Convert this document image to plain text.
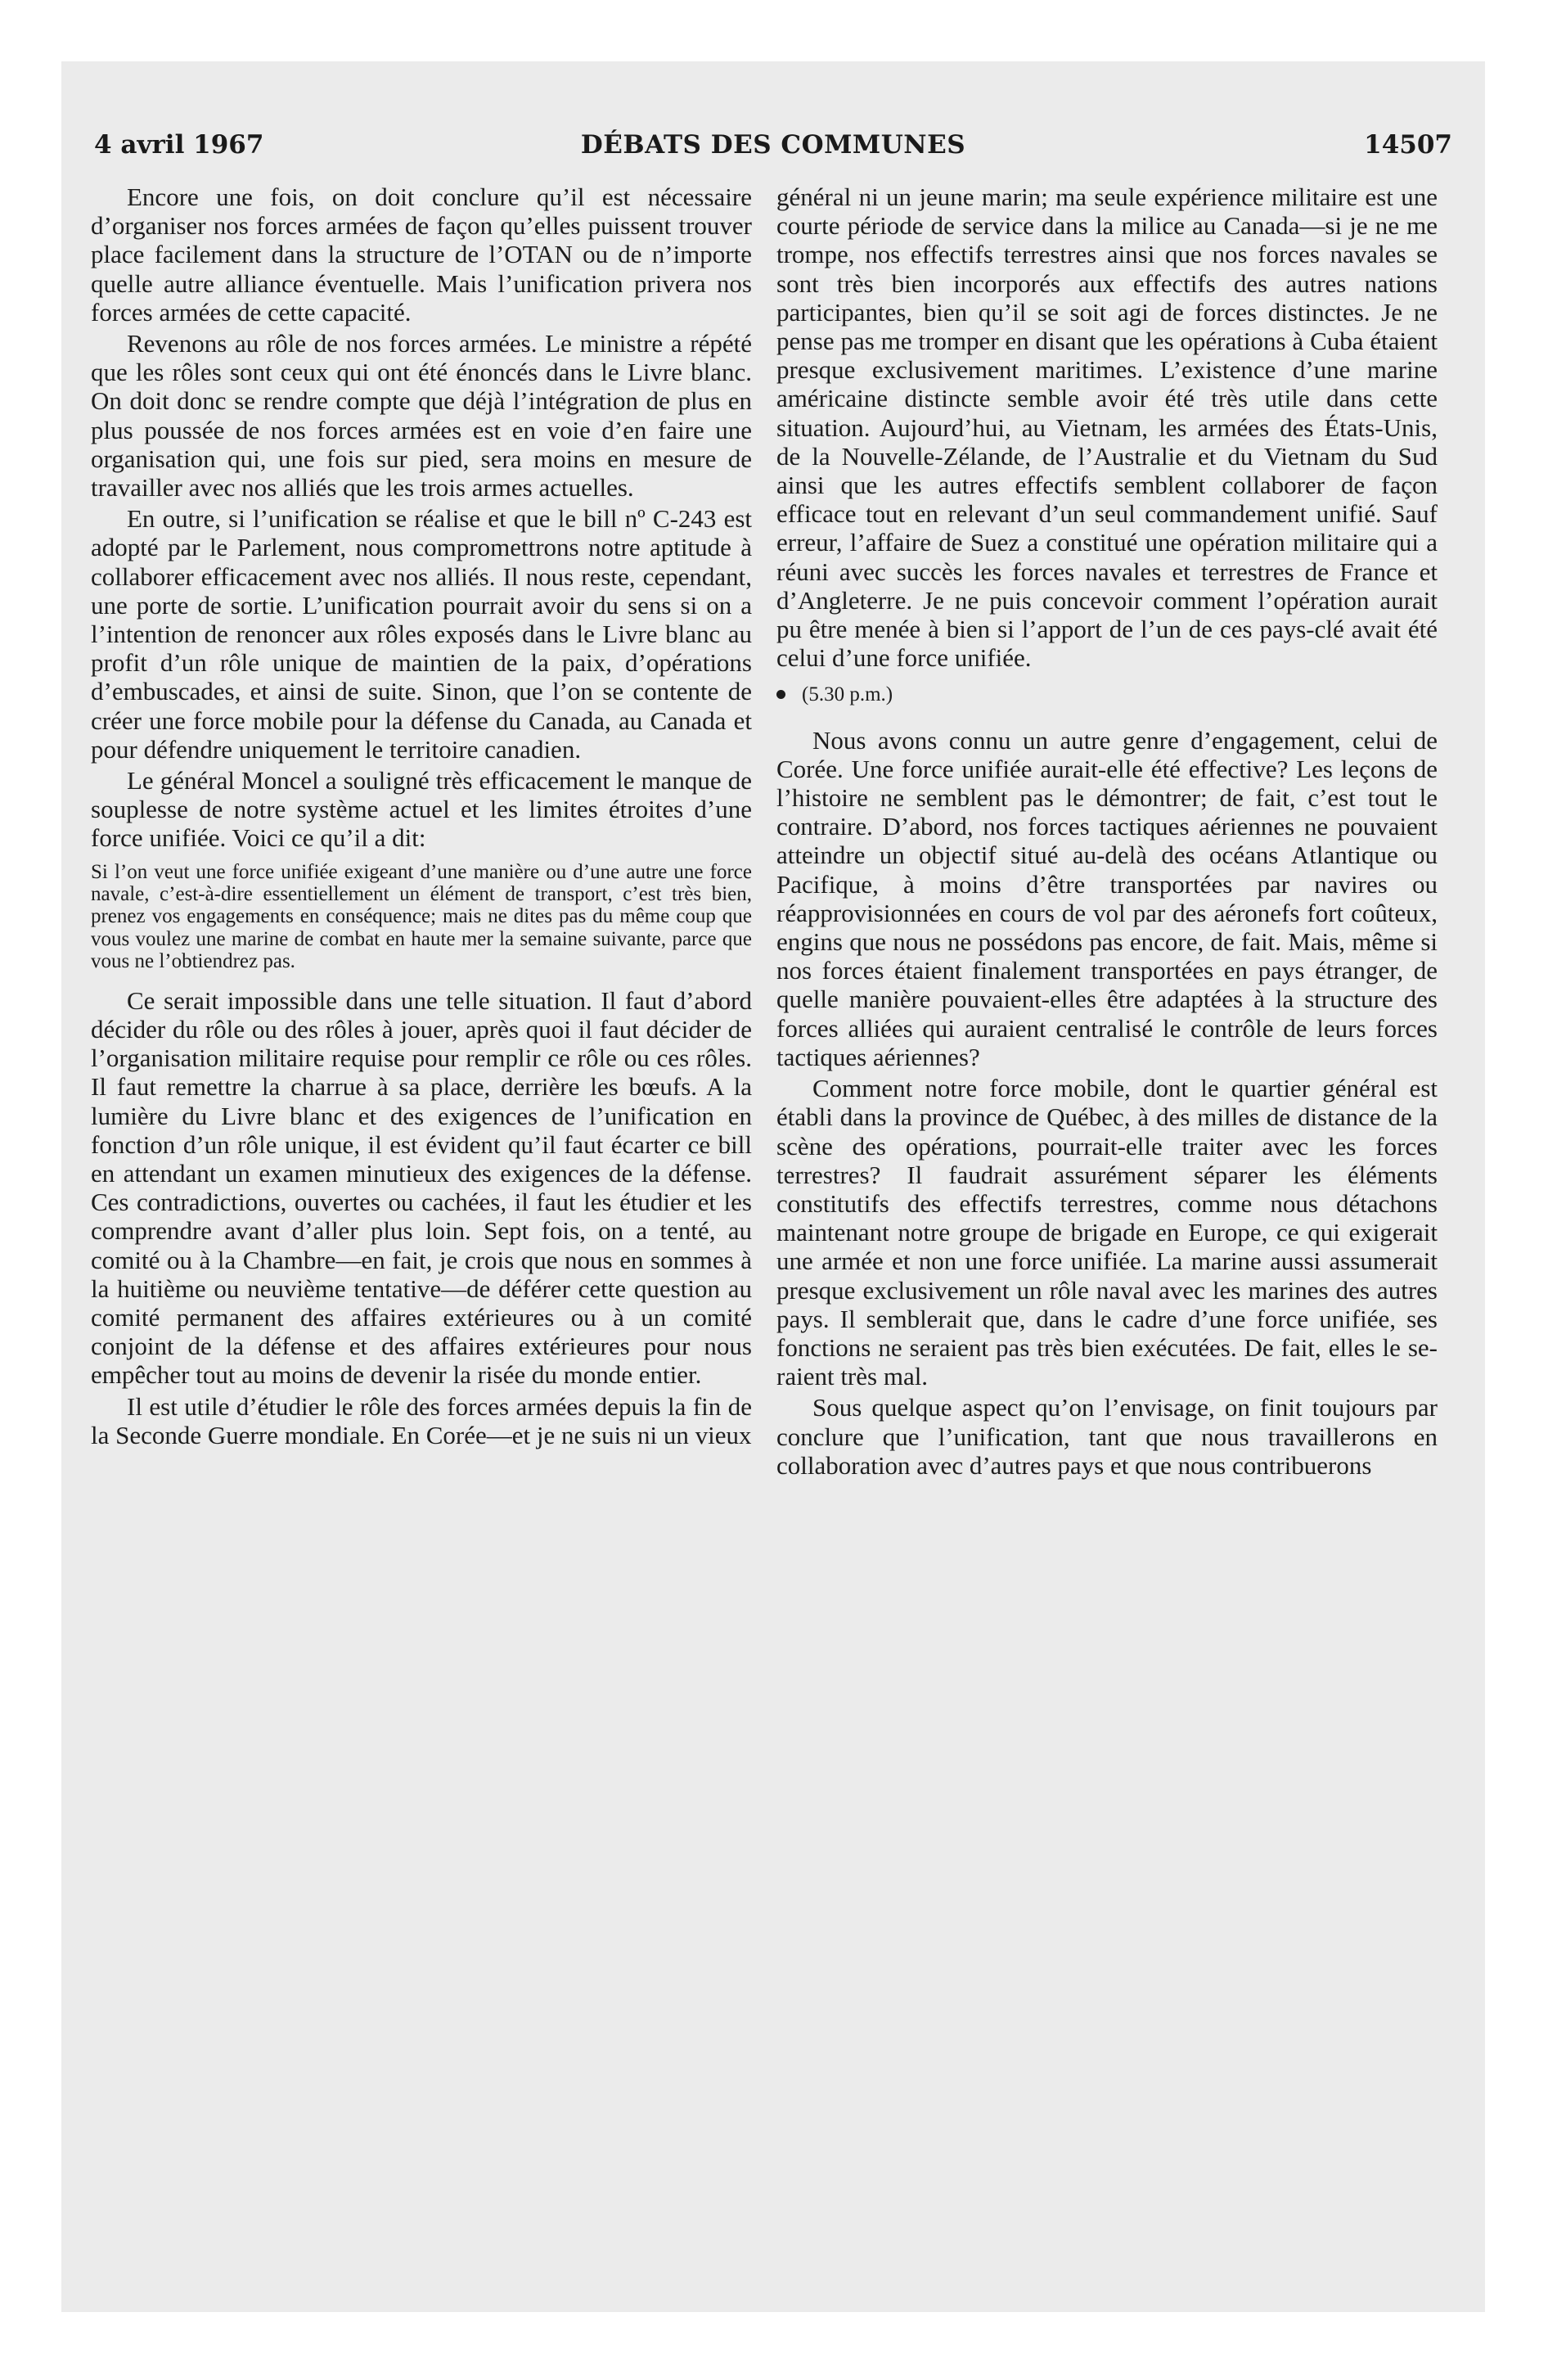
4 avril 1967	DÉBATS DES COMMUNES	14507

Encore une fois, on doit conclure qu’il est nécessaire d’organiser nos forces armées de façon qu’elles puissent trouver place facilement dans la structure de l’OTAN ou de n’importe quelle autre alliance éventuelle. Mais l’unification privera nos forces armées de cette capacité.

Revenons au rôle de nos forces armées. Le ministre a répété que les rôles sont ceux qui ont été énoncés dans le Livre blanc. On doit donc se rendre compte que déjà l’intégration de plus en plus poussée de nos forces armées est en voie d’en faire une organisation qui, une fois sur pied, sera moins en mesure de travailler avec nos alliés que les trois armes actuelles.

En outre, si l’unification se réalise et que le bill nº C-243 est adopté par le Parlement, nous compromettrons notre aptitude à collaborer efficacement avec nos alliés. Il nous reste, cependant, une porte de sortie. L’unification pourrait avoir du sens si on a l’intention de renoncer aux rôles exposés dans le Livre blanc au profit d’un rôle unique de maintien de la paix, d’opérations d’embuscades, et ainsi de suite. Sinon, que l’on se contente de créer une force mobile pour la défense du Canada, au Canada et pour défendre uniquement le territoire canadien.

Le général Moncel a souligné très efficacement le manque de souplesse de notre système actuel et les limites étroites d’une force unifiée. Voici ce qu’il a dit:

Si l’on veut une force unifiée exigeant d’une manière ou d’une autre une force navale, c’est-à-dire essentiellement un élément de transport, c’est très bien, prenez vos engagements en conséquence; mais ne dites pas du même coup que vous voulez une marine de combat en haute mer la semaine suivante, parce que vous ne l’obtiendrez pas.

Ce serait impossible dans une telle situation. Il faut d’abord décider du rôle ou des rôles à jouer, après quoi il faut décider de l’organisation militaire requise pour remplir ce rôle ou ces rôles. Il faut remettre la charrue à sa place, derrière les bœufs. A la lumière du Livre blanc et des exigences de l’unification en fonction d’un rôle unique, il est évident qu’il faut écarter ce bill en attendant un examen minutieux des exigences de la défense. Ces contradictions, ouvertes ou cachées, il faut les étudier et les comprendre avant d’aller plus loin. Sept fois, on a tenté, au comité ou à la Chambre—en fait, je crois que nous en sommes à la huitième ou neuvième tentative—de déférer cette question au comité permanent des affaires extérieures ou à un comité conjoint de la défense et des affaires extérieures pour nous empêcher tout au moins de devenir la risée du monde entier.

Il est utile d’étudier le rôle des forces armées depuis la fin de la Seconde Guerre mondiale. En Corée—et je ne suis ni un vieux

général ni un jeune marin; ma seule expérience militaire est une courte période de service dans la milice au Canada—si je ne me trompe, nos effectifs terrestres ainsi que nos forces navales se sont très bien incorporés aux effectifs des autres nations participantes, bien qu’il se soit agi de forces distinctes. Je ne pense pas me tromper en disant que les opérations à Cuba étaient presque exclusivement maritimes. L’existence d’une marine américaine distincte semble avoir été très utile dans cette situation. Aujourd’hui, au Vietnam, les armées des États-Unis, de la Nouvelle-Zélande, de l’Australie et du Vietnam du Sud ainsi que les autres effectifs semblent collaborer de façon efficace tout en relevant d’un seul commandement unifié. Sauf erreur, l’affaire de Suez a constitué une opération militaire qui a réuni avec succès les forces navales et terrestres de France et d’Angleterre. Je ne puis concevoir comment l’opération aurait pu être menée à bien si l’apport de l’un de ces pays-clé avait été celui d’une force unifiée.

(5.30 p.m.)

Nous avons connu un autre genre d’engagement, celui de Corée. Une force unifiée aurait-elle été effective? Les leçons de l’histoire ne semblent pas le démontrer; de fait, c’est tout le contraire. D’abord, nos forces tactiques aériennes ne pouvaient atteindre un objectif situé au-delà des océans Atlantique ou Pacifique, à moins d’être transportées par navires ou réapprovisionnées en cours de vol par des aéronefs fort coûteux, engins que nous ne possédons pas encore, de fait. Mais, même si nos forces étaient finalement transportées en pays étranger, de quelle manière pouvaient-elles être adaptées à la structure des forces alliées qui auraient centralisé le contrôle de leurs forces tactiques aériennes?

Comment notre force mobile, dont le quartier général est établi dans la province de Québec, à des milles de distance de la scène des opérations, pourrait-elle traiter avec les forces terrestres? Il faudrait assurément séparer les éléments constitutifs des effectifs terrestres, comme nous détachons maintenant notre groupe de brigade en Europe, ce qui exigerait une armée et non une force unifiée. La marine aussi assumerait presque exclusivement un rôle naval avec les marines des autres pays. Il semblerait que, dans le cadre d’une force unifiée, ses fonctions ne seraient pas très bien exécutées. De fait, elles le seraient très mal.

Sous quelque aspect qu’on l’envisage, on finit toujours par conclure que l’unification, tant que nous travaillerons en collaboration avec d’autres pays et que nous contribuerons
